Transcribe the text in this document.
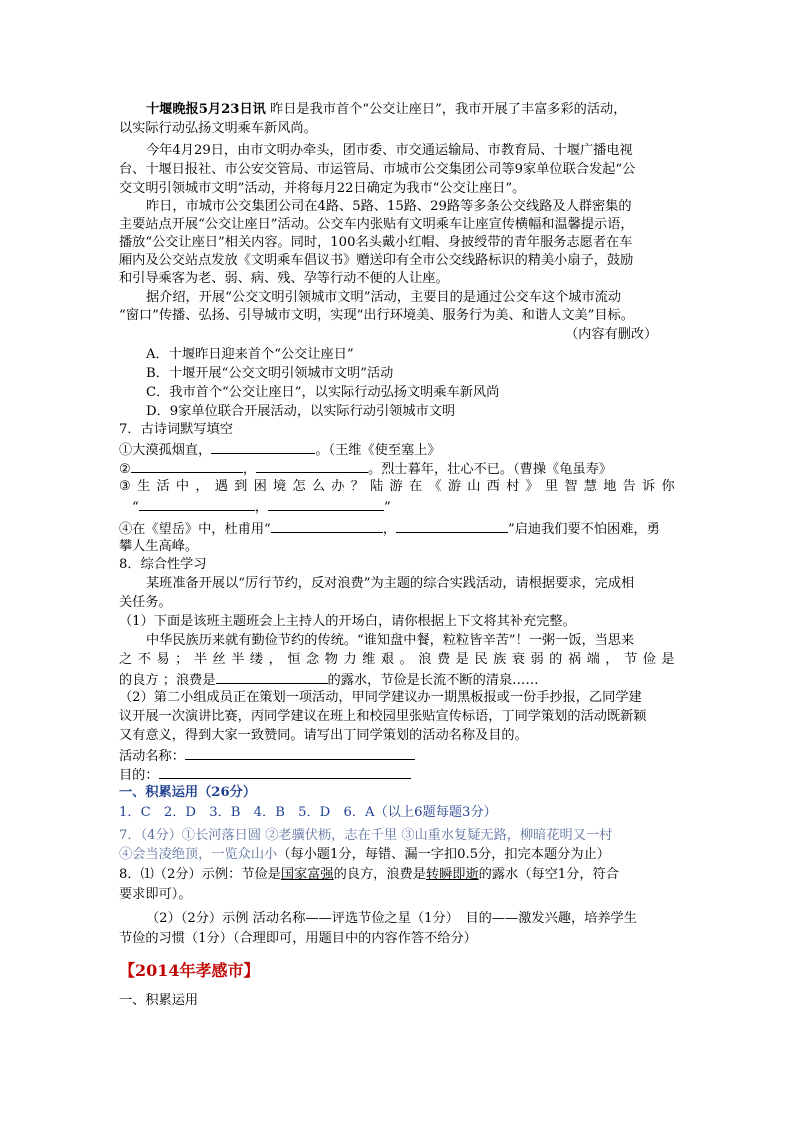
十堰晚报5月23日讯 昨日是我市首个“公交让座日”，我市开展了丰富多彩的活动，
以实际行动弘扬文明乘车新风尚。
今年4月29日，由市文明办牵头，团市委、市交通运输局、市教育局、十堰广播电视
台、十堰日报社、市公安交管局、市运管局、市城市公交集团公司等9家单位联合发起“公
交文明引领城市文明”活动，并将每月22日确定为我市“公交让座日”。
昨日，市城市公交集团公司在4路、5路、15路、29路等多条公交线路及人群密集的
主要站点开展“公交让座日”活动。公交车内张贴有文明乘车让座宣传横幅和温馨提示语，
播放“公交让座日”相关内容。同时，100名头戴小红帽、身披绶带的青年服务志愿者在车
厢内及公交站点发放《文明乘车倡议书》赠送印有全市公交线路标识的精美小扇子，鼓励
和引导乘客为老、弱、病、残、孕等行动不便的人让座。
据介绍，开展“公交文明引领城市文明”活动，主要目的是通过公交车这个城市流动
“窗口”传播、弘扬、引导城市文明，实现“出行环境美、服务行为美、和谐人文美”目标。
（内容有删改）
A．十堰昨日迎来首个“公交让座日”
B．十堰开展“公交文明引领城市文明”活动
C．我市首个“公交让座日”，以实际行动弘扬文明乘车新风尚
D．9家单位联合开展活动，以实际行动引领城市文明
7．古诗词默写填空
①大漠孤烟直，	。（王维《使至塞上》
②	，	。烈士暮年，壮心不已。（曹操《龟虽寿》
③ 生 活 中 ， 遇 到 困 境 怎 么 办 ？ 陆 游 在 《 游 山 西 村 》 里 智 慧 地 告 诉 你
“	，	”
④在《望岳》中，杜甫用“	，	”启迪我们要不怕困难，勇
攀人生高峰。
8．综合性学习
某班准备开展以“厉行节约，反对浪费”为主题的综合实践活动，请根据要求，完成相
关任务。
（1）下面是该班主题班会上主持人的开场白，请你根据上下文将其补充完整。
中华民族历来就有勤俭节约的传统。“谁知盘中餐，粒粒皆辛苦”！一粥一饭，当思来
之 不 易 ； 半 丝 半 缕 ， 恒 念 物 力 维 艰 。 浪 费 是 民 族 衰 弱 的 祸 端 ， 节 俭 是
的良方 ；浪费是	的露水，节俭是长流不断的清泉……
（2）第二小组成员正在策划一项活动，甲同学建议办一期黑板报或一份手抄报，乙同学建
议开展一次演讲比赛，丙同学建议在班上和校园里张贴宣传标语，丁同学策划的活动既新颖
又有意义，得到大家一致赞同。请写出丁同学策划的活动名称及目的。
活动名称：
目的：
一、积累运用（26分）
1．C　2．D　3．B　4．B　5．D　6．A（以上6题每题3分）
7．（4分）①长河落日圆 ②老骥伏枥，志在千里 ③山重水复疑无路，柳暗花明又一村
④会当凌绝顶，一览众山小（每小题1分，每错、漏一字扣0.5分，扣完本题分为止）
8．⑴（2分）示例：节俭是国家富强的良方，浪费是转瞬即逝的露水（每空1分，符合
要求即可）。
（2）（2分）示例 活动名称——评选节俭之星（1分）　目的——激发兴趣，培养学生
节俭的习惯（1分）（合理即可，用题目中的内容作答不给分）
【2014年孝感市】
一、积累运用
